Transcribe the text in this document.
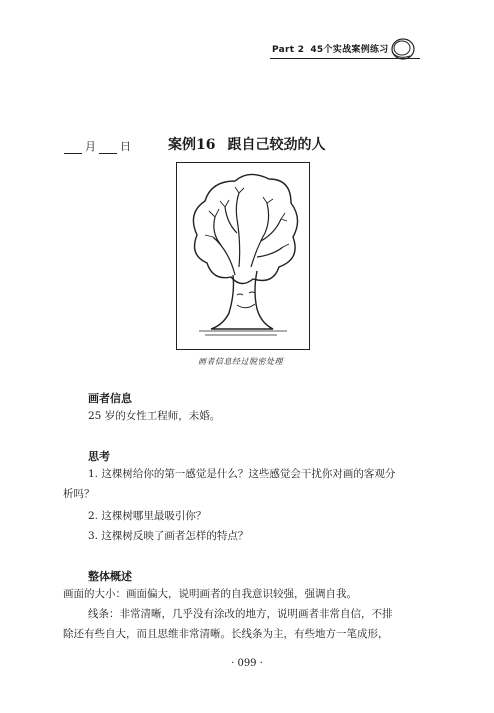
Part 2 45个实战案例练习
月 日	案例16 跟自己较劲的人
画者信息经过脱密处理
画者信息
25 岁的女性工程师，未婚。
思考
1. 这棵树给你的第一感觉是什么？这些感觉会干扰你对画的客观分
析吗？
2. 这棵树哪里最吸引你？
3. 这棵树反映了画者怎样的特点？
整体概述
画面的大小：画面偏大，说明画者的自我意识较强，强调自我。
线条：非常清晰，几乎没有涂改的地方，说明画者非常自信，不排
除还有些自大，而且思维非常清晰。长线条为主，有些地方一笔成形，
· 099 ·
